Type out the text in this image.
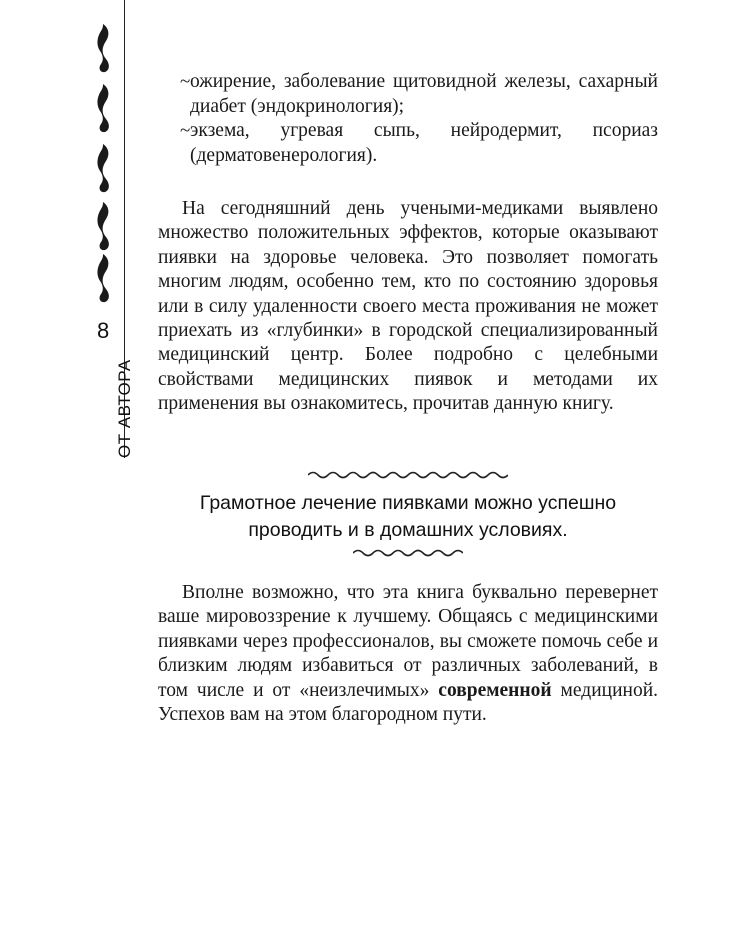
8
ОТ АВТОРА
~ ожирение, заболевание щитовидной железы, сахарный диабет (эндокринология);
~ экзема, угревая сыпь, нейродермит, псориаз (дерматовенерология).

На сегодняшний день учеными-медиками выявлено множество положительных эффектов, которые оказывают пиявки на здоровье человека. Это позволяет помогать многим людям, особенно тем, кто по состоянию здоровья или в силу удаленности своего места проживания не может приехать из «глубинки» в городской специализированный медицинский центр. Более подробно с целебными свойствами медицинских пиявок и методами их применения вы ознакомитесь, прочитав данную книгу.

Грамотное лечение пиявками можно успешно
проводить и в домашних условиях.

Вполне возможно, что эта книга буквально перевернет ваше мировоззрение к лучшему. Общаясь с медицинскими пиявками через профессионалов, вы сможете помочь себе и близким людям избавиться от различных заболеваний, в том числе и от «неизлечимых» современной медициной. Успехов вам на этом благородном пути.
